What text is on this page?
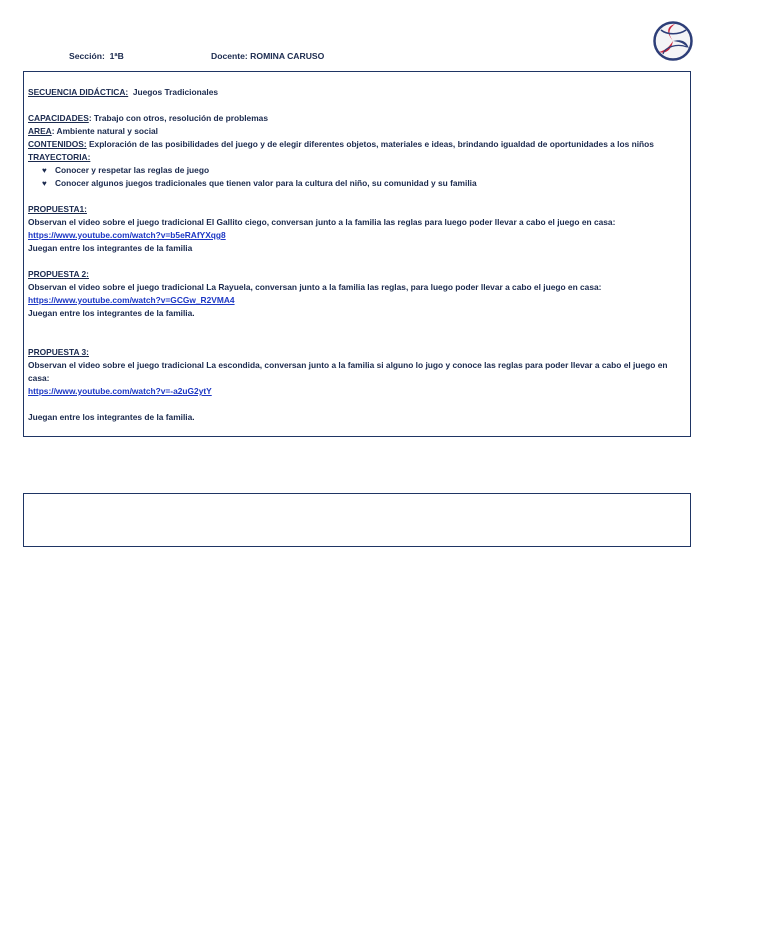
Sección: 1ªB	Docente: ROMINA CARUSO
SECUENCIA DIDÁCTICA: Juegos Tradicionales
CAPACIDADES: Trabajo con otros, resolución de problemas
AREA: Ambiente natural y social
CONTENIDOS: Exploración de las posibilidades del juego y de elegir diferentes objetos, materiales e ideas, brindando igualdad de oportunidades a los niños
TRAYECTORIA:
♥ Conocer y respetar las reglas de juego
♥ Conocer algunos juegos tradicionales que tienen valor para la cultura del niño, su comunidad y su familia
PROPUESTA1:
Observan el video sobre el juego tradicional El Gallito ciego, conversan junto a la familia las reglas para luego poder llevar a cabo el juego en casa:
https://www.youtube.com/watch?v=b5eRAfYXqg8
Juegan entre los integrantes de la familia
PROPUESTA 2:
Observan el video sobre el juego tradicional La Rayuela, conversan junto a la familia las reglas, para luego poder llevar a cabo el juego en casa:
https://www.youtube.com/watch?v=GCGw_R2VMA4
Juegan entre los integrantes de la familia.
PROPUESTA 3:
Observan el video sobre el juego tradicional La escondida, conversan junto a la familia si alguno lo jugo y conoce las reglas para poder llevar a cabo el juego en casa:
https://www.youtube.com/watch?v=-a2uG2ytY
Juegan entre los integrantes de la familia.
